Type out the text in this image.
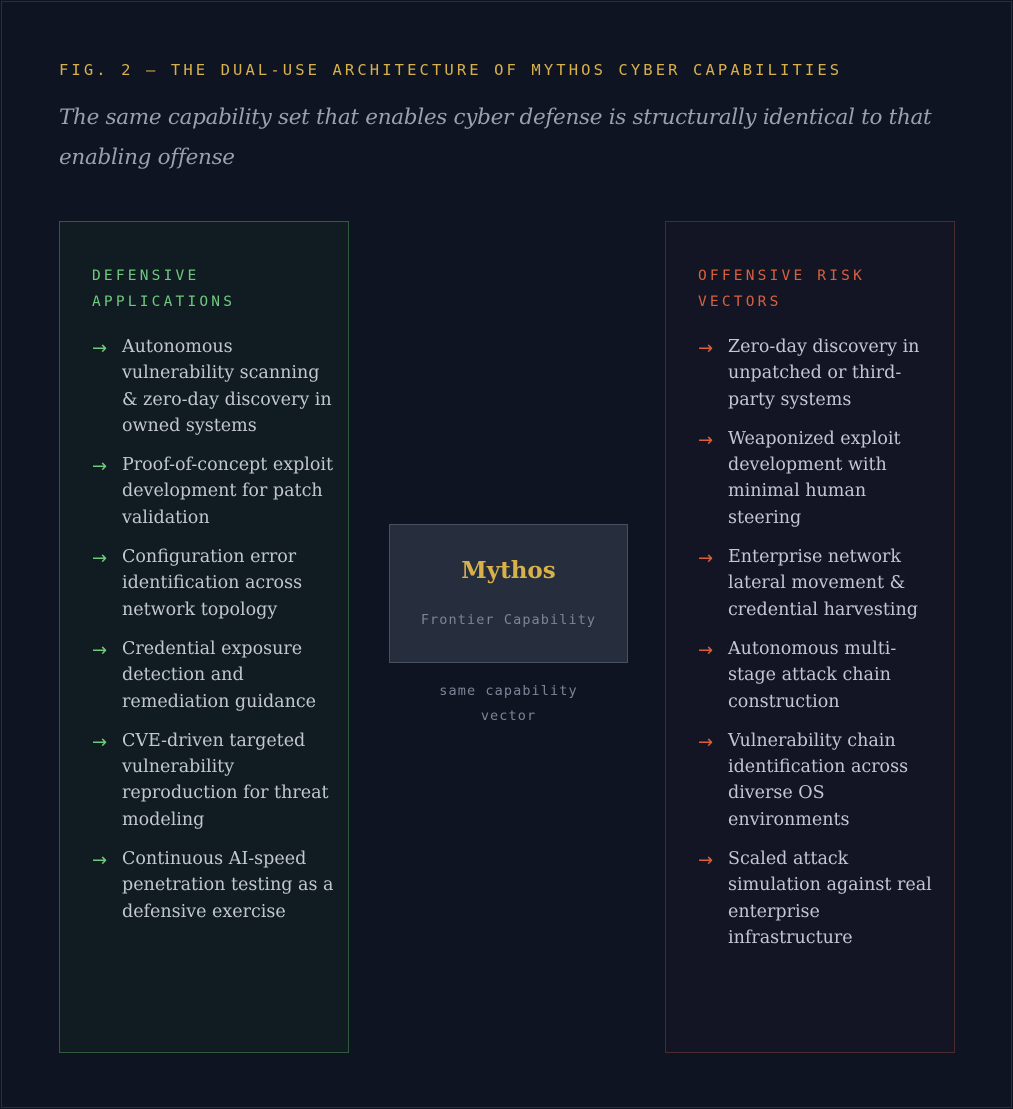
FIG. 2 — THE DUAL-USE ARCHITECTURE OF MYTHOS CYBER CAPABILITIES
The same capability set that enables cyber defense is structurally identical to that enabling offense
DEFENSIVE APPLICATIONS
→ Autonomous vulnerability scanning & zero-day discovery in owned systems
→ Proof-of-concept exploit development for patch validation
→ Configuration error identification across network topology
→ Credential exposure detection and remediation guidance
→ CVE-driven targeted vulnerability reproduction for threat modeling
→ Continuous AI-speed penetration testing as a defensive exercise
Mythos
Frontier Capability
same capability vector
OFFENSIVE RISK VECTORS
→ Zero-day discovery in unpatched or third-party systems
→ Weaponized exploit development with minimal human steering
→ Enterprise network lateral movement & credential harvesting
→ Autonomous multi-stage attack chain construction
→ Vulnerability chain identification across diverse OS environments
→ Scaled attack simulation against real enterprise infrastructure
